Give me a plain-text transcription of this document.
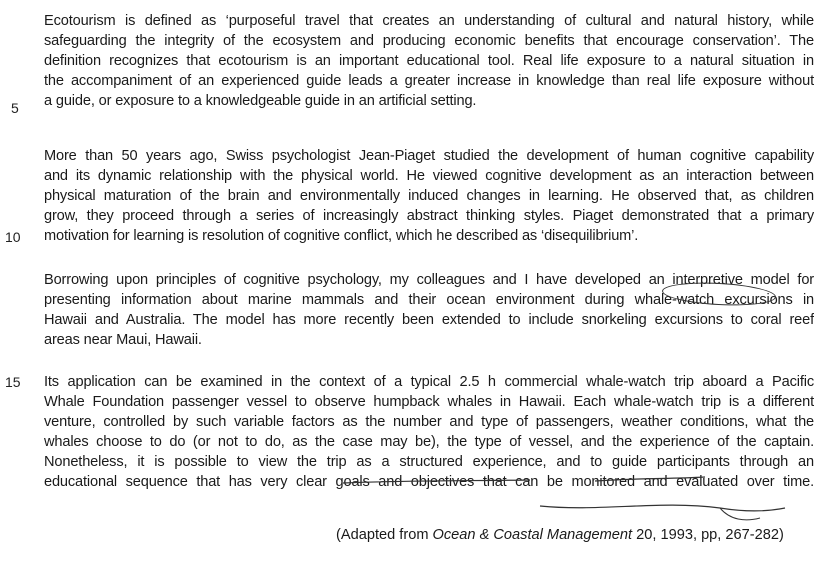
Ecotourism is defined as ‘purposeful travel that creates an understanding of cultural and natural history, while
safeguarding the integrity of the ecosystem and producing economic benefits that encourage conservation’. The
definition recognizes that ecotourism is an important educational tool. Real life exposure to a natural situation in
the accompaniment of an experienced guide leads a greater increase in knowledge than real life exposure without
a guide, or exposure to a knowledgeable guide in an artificial setting.
More than 50 years ago, Swiss psychologist Jean-Piaget studied the development of human cognitive capability
and its dynamic relationship with the physical world. He viewed cognitive development as an interaction between
physical maturation of the brain and environmentally induced changes in learning. He observed that, as children
grow, they proceed through a series of increasingly abstract thinking styles. Piaget demonstrated that a primary
motivation for learning is resolution of cognitive conflict, which he described as ‘disequilibrium’.
Borrowing upon principles of cognitive psychology, my colleagues and I have developed an interpretive model for
presenting information about marine mammals and their ocean environment during whale-watch excursions in
Hawaii and Australia. The model has more recently been extended to include snorkeling excursions to coral reef
areas near Maui, Hawaii.
Its application can be examined in the context of a typical 2.5 h commercial whale-watch trip aboard a Pacific
Whale Foundation passenger vessel to observe humpback whales in Hawaii. Each whale-watch trip is a different
venture, controlled by such variable factors as the number and type of passengers, weather conditions, what the
whales choose to do (or not to do, as the case may be), the type of vessel, and the experience of the captain.
Nonetheless, it is possible to view the trip as a structured experience, and to guide participants through an
educational sequence that has very clear goals and objectives that can be monitored and evaluated over time.
5
10
15
(Adapted from Ocean & Coastal Management 20, 1993, pp, 267-282)
